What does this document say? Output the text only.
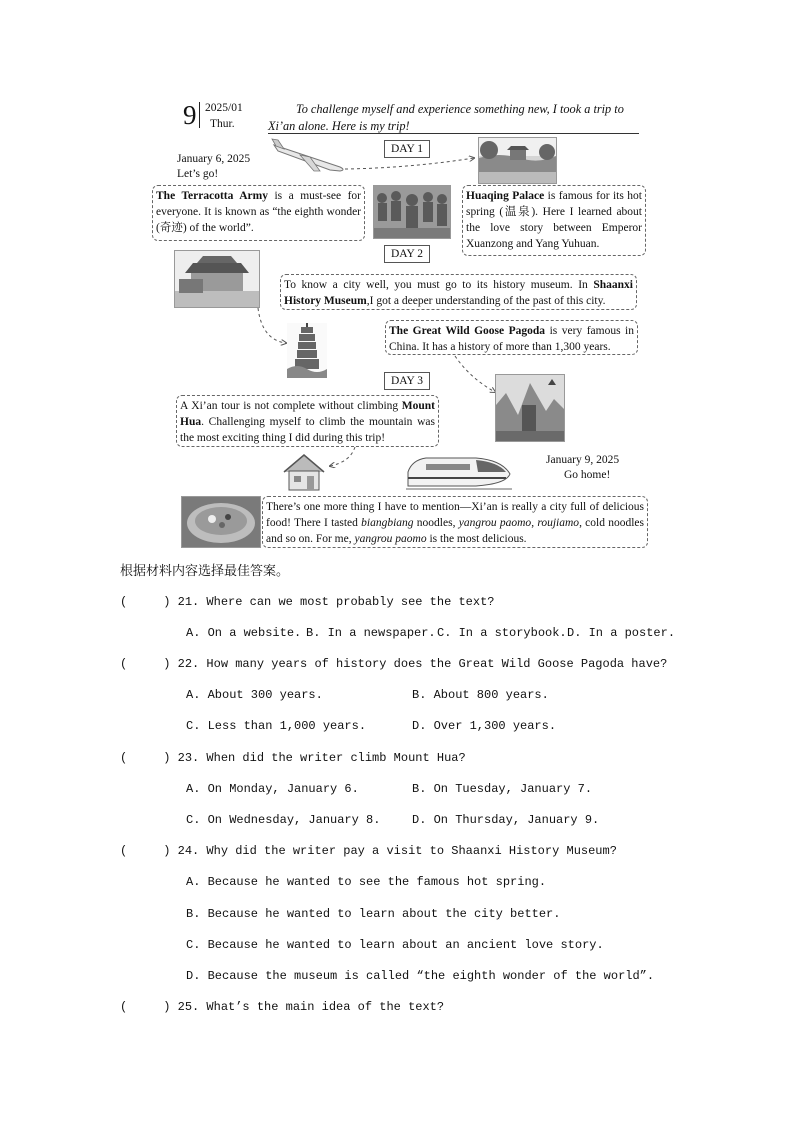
9 2025/01
Thur.
To challenge myself and experience something new, I took a trip to Xi’an alone. Here is my trip!
January 6, 2025
Let’s go!
DAY 1
DAY 2
DAY 3
The Terracotta Army is a must-see for everyone. It is known as “the eighth wonder (奇迹) of the world”.
Huaqing Palace is famous for its hot spring (温泉). Here I learned about the love story between Emperor Xuanzong and Yang Yuhuan.
To know a city well, you must go to its history museum. In Shaanxi History Museum,I got a deeper understanding of the past of this city.
The Great Wild Goose Pagoda is very famous in China. It has a history of more than 1,300 years.
A Xi’an tour is not complete without climbing Mount Hua. Challenging myself to climb the mountain was the most exciting thing I did during this trip!
January 9, 2025
Go home!
There’s one more thing I have to mention—Xi’an is really a city full of delicious food! There I tasted biangbiang noodles, yangrou paomo, roujiamo, cold noodles and so on. For me, yangrou paomo is the most delicious.
根据材料内容选择最佳答案。
(     ) 21. Where can we most probably see the text?
A. On a website. B. In a newspaper. C. In a storybook. D. In a poster.
(     ) 22. How many years of history does the Great Wild Goose Pagoda have?
A. About 300 years.	B. About 800 years.
C. Less than 1,000 years.	D. Over 1,300 years.
(     ) 23. When did the writer climb Mount Hua?
A. On Monday, January 6.	B. On Tuesday, January 7.
C. On Wednesday, January 8.	D. On Thursday, January 9.
(     ) 24. Why did the writer pay a visit to Shaanxi History Museum?
A. Because he wanted to see the famous hot spring.
B. Because he wanted to learn about the city better.
C. Because he wanted to learn about an ancient love story.
D. Because the museum is called “the eighth wonder of the world”.
(     ) 25. What’s the main idea of the text?
